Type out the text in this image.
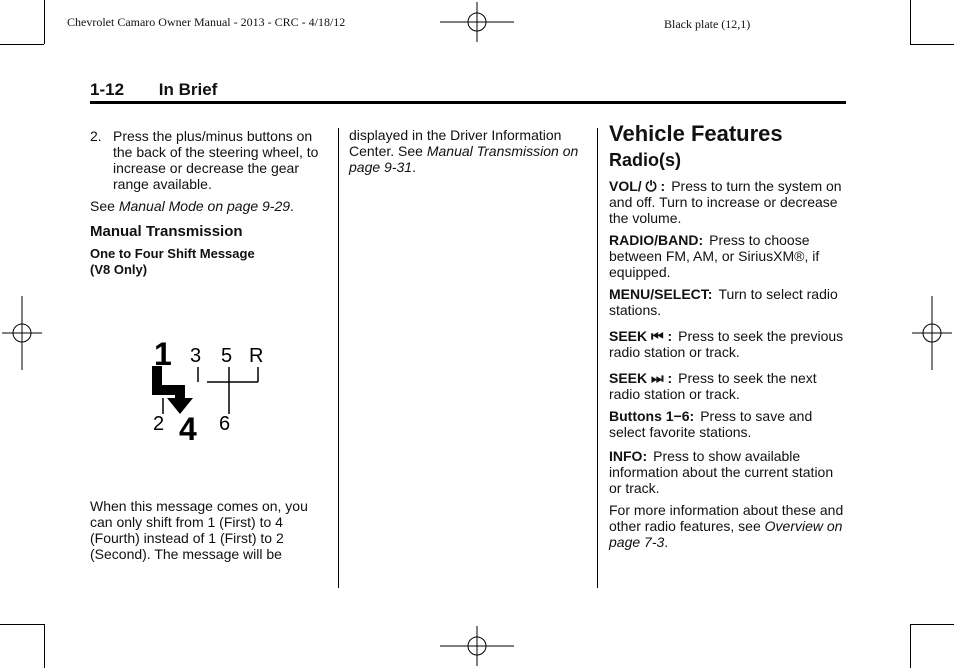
Chevrolet Camaro Owner Manual - 2013 - CRC - 4/18/12	Black plate (12,1)
1-12 In Brief
2. Press the plus/minus buttons on the back of the steering wheel, to increase or decrease the gear range available.

See Manual Mode on page 9-29.

Manual Transmission
One to Four Shift Message
(V8 Only)
1 3 5 R
2 4 6
When this message comes on, you can only shift from 1 (First) to 4 (Fourth) instead of 1 (First) to 2 (Second). The message will be

displayed in the Driver Information Center. See Manual Transmission on page 9-31.

Vehicle Features
Radio(s)
VOL/ ⏻ : Press to turn the system on and off. Turn to increase or decrease the volume.
RADIO/BAND: Press to choose between FM, AM, or SiriusXM®, if equipped.
MENU/SELECT: Turn to select radio stations.
SEEK ⏮ : Press to seek the previous radio station or track.
SEEK ⏭ : Press to seek the next radio station or track.
Buttons 1−6: Press to save and select favorite stations.
INFO: Press to show available information about the current station or track.

For more information about these and other radio features, see Overview on page 7-3.
